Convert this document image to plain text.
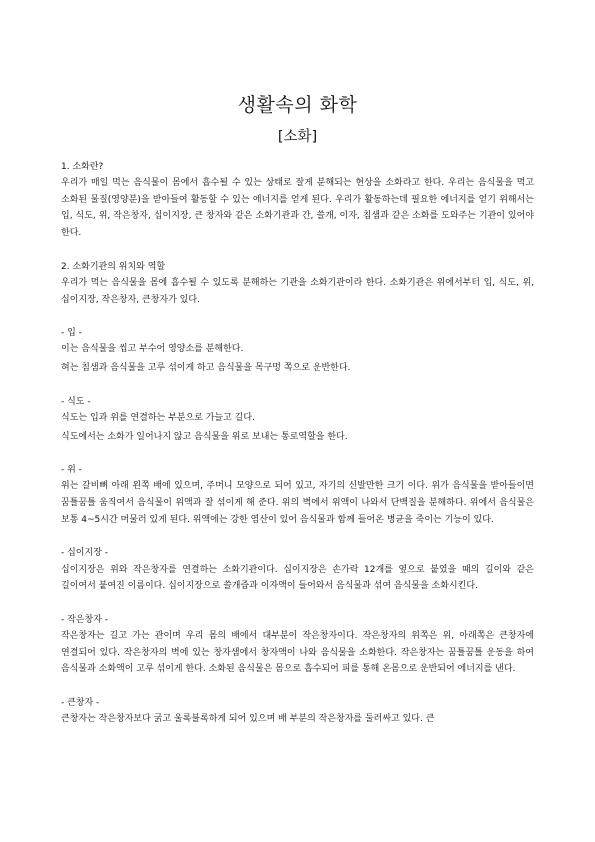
생활속의 화학
[소화]
1. 소화란?

우리가 매일 먹는 음식물이 몸에서 흡수될 수 있는 상태로 잘게 분해되는 현상을 소화라고 한다. 우리는 음식물을 먹고 소화된 물질(영양분)을 받아들여 활동할 수 있는 에너지를 얻게 된다. 우리가 활동하는데 필요한 에너지를 얻기 위해서는 입, 식도, 위, 작은창자, 십이지장, 큰 창자와 같은 소화기관과 간, 쓸개, 이자, 침샘과 같은 소화를 도와주는 기관이 있어야 한다.

2. 소화기관의 위치와 역할

우리가 먹는 음식물을 몸에 흡수될 수 있도록 분해하는 기관을 소화기관이라 한다. 소화기관은 위에서부터 입, 식도, 위, 십이지장, 작은창자, 큰창자가 있다.

- 입 -

이는 음식물을 씹고 부수어 영양소를 분해한다.

혀는 침샘과 음식물을 고루 섞이게 하고 음식물을 목구멍 쪽으로 운반한다.

- 식도 -

식도는 입과 위를 연결하는 부분으로 가늘고 길다.

식도에서는 소화가 일어나지 않고 음식물을 위로 보내는 통로역할을 한다.

- 위 -

위는 갈비뼈 아래 왼쪽 배에 있으며, 주머니 모양으로 되어 있고, 자기의 신발만한 크기 이다. 위가 음식물을 받아들이면 꿈틀꿈틀 움직여서 음식물이 위액과 잘 섞이게 해 준다. 위의 벽에서 위액이 나와서 단백질을 분해하다. 위에서 음식물은 보통 4~5시간 머물러 있게 된다. 위액에는 강한 염산이 있어 음식물과 함께 들어온 병균을 죽이는 기능이 있다.

- 십이지장 -

십이지장은 위와 작은창자를 연결하는 소화기관이다. 십이지장은 손가락 12개를 옆으로 붙였을 때의 길이와 같은 길이여서 붙여진 이름이다. 십이지장으로 쓸개즙과 이자액이 들어와서 음식물과 섞여 음식물을 소화시킨다.

- 작은창자 -

작은창자는 길고 가는 관이며 우리 몸의 배에서 대부분이 작은창자이다. 작은창자의 위쪽은 위, 아래쪽은 큰창자에 연결되어 있다. 작은창자의 벽에 있는 창자샘에서 창자액이 나와 음식물을 소화한다. 작은창자는 꿈틀꿈틀 운동을 하여 음식물과 소화액이 고루 섞이게 한다. 소화된 음식물은 몸으로 흡수되어 피를 통해 온몸으로 운반되어 에너지를 낸다.

- 큰창자 -

큰창자는 작은창자보다 굵고 울록불록하게 되어 있으며 배 부분의 작은창자를 둘러싸고 있다. 큰
